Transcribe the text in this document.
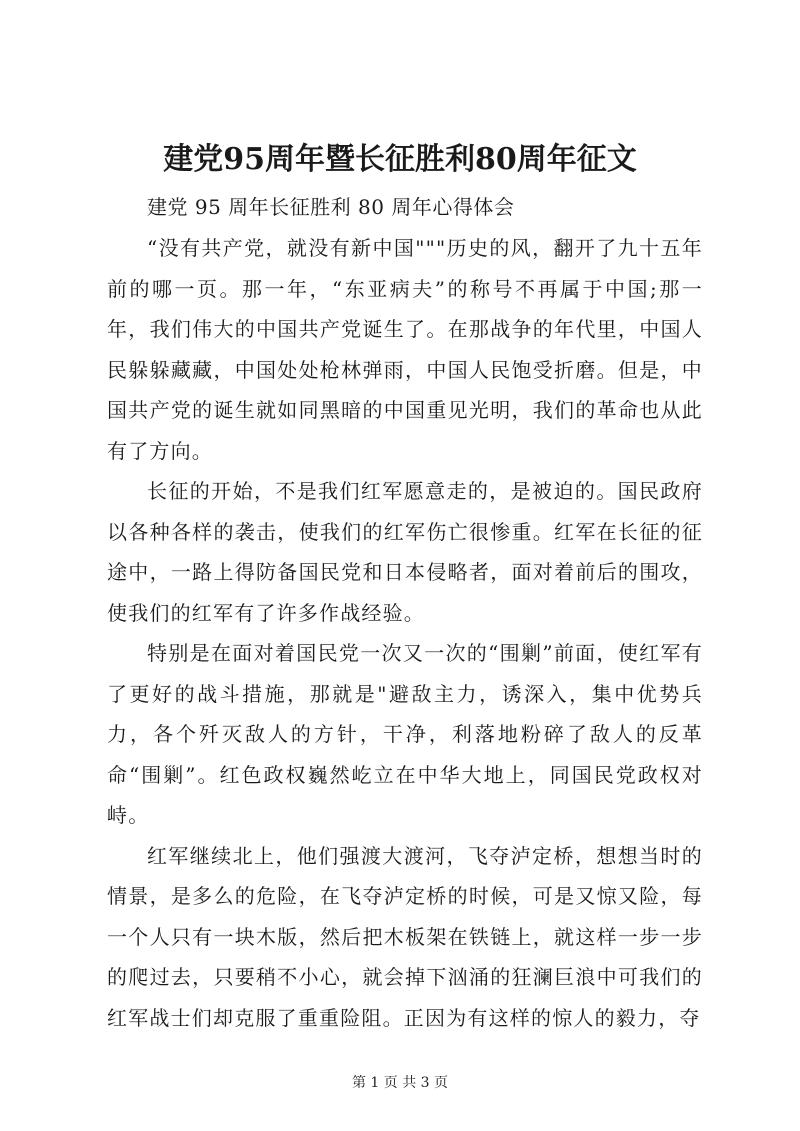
建党95周年暨长征胜利80周年征文

建党 95 周年长征胜利 80 周年心得体会

“没有共产党，就没有新中国"""历史的风，翻开了九十五年前的哪一页。那一年，“东亚病夫”的称号不再属于中国;那一年，我们伟大的中国共产党诞生了。在那战争的年代里，中国人民躲躲藏藏，中国处处枪林弹雨，中国人民饱受折磨。但是，中国共产党的诞生就如同黑暗的中国重见光明，我们的革命也从此有了方向。

长征的开始，不是我们红军愿意走的，是被迫的。国民政府以各种各样的袭击，使我们的红军伤亡很惨重。红军在长征的征途中，一路上得防备国民党和日本侵略者，面对着前后的围攻，使我们的红军有了许多作战经验。

特别是在面对着国民党一次又一次的“围剿”前面，使红军有了更好的战斗措施，那就是"避敌主力，诱深入，集中优势兵力，各个歼灭敌人的方针，干净，利落地粉碎了敌人的反革命“围剿”。红色政权巍然屹立在中华大地上，同国民党政权对峙。

红军继续北上，他们强渡大渡河，飞夺泸定桥，想想当时的情景，是多么的危险，在飞夺泸定桥的时候，可是又惊又险，每一个人只有一块木版，然后把木板架在铁链上，就这样一步一步的爬过去，只要稍不小心，就会掉下汹涌的狂澜巨浪中可我们的红军战士们却克服了重重险阻。正因为有这样的惊人的毅力，夺

第 1 页 共 3 页
